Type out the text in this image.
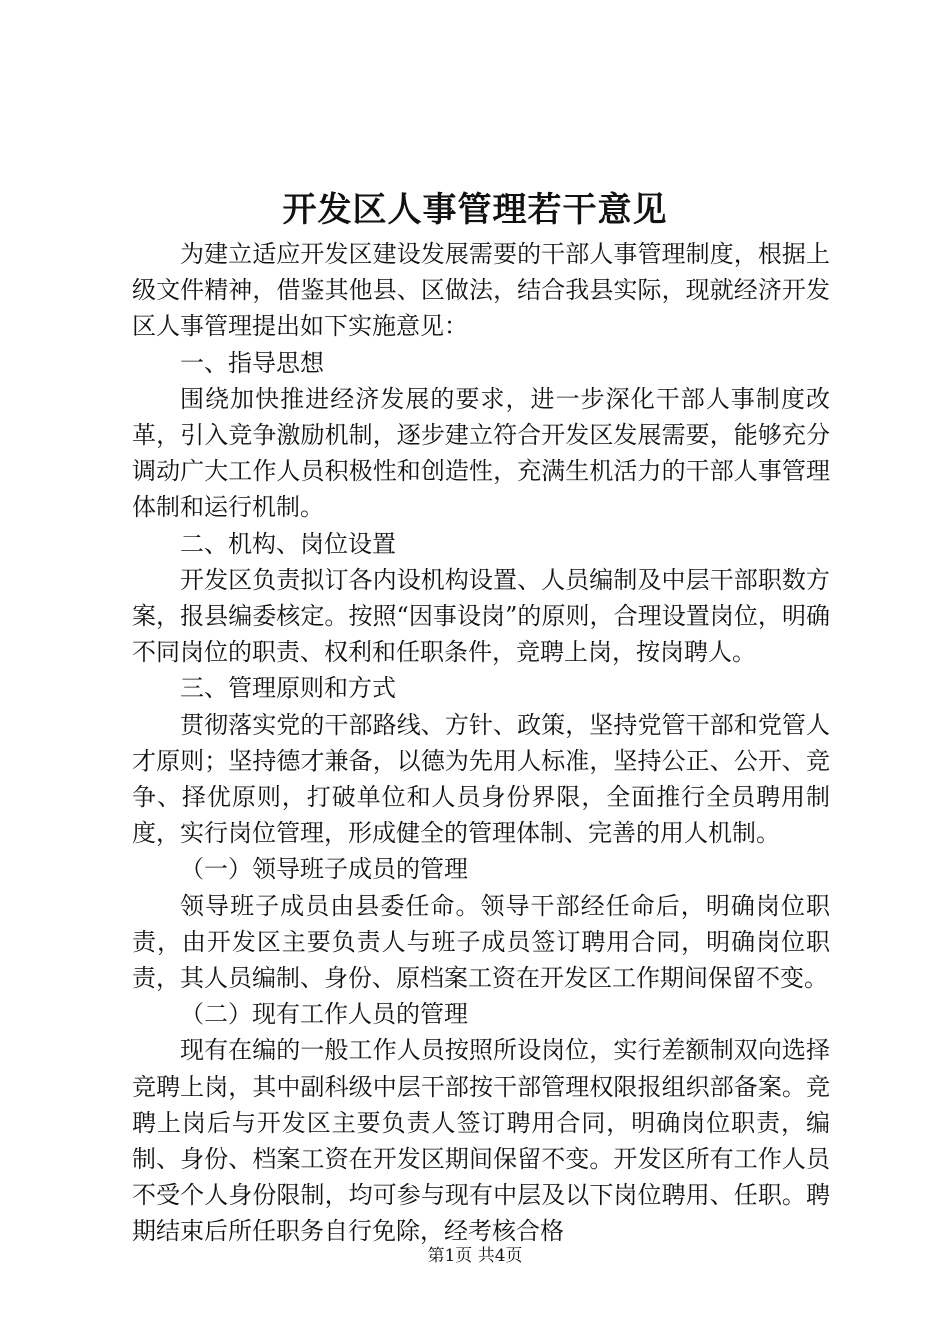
开发区人事管理若干意见

为建立适应开发区建设发展需要的干部人事管理制度，根据上级文件精神，借鉴其他县、区做法，结合我县实际，现就经济开发区人事管理提出如下实施意见：

一、指导思想

围绕加快推进经济发展的要求，进一步深化干部人事制度改革，引入竞争激励机制，逐步建立符合开发区发展需要，能够充分调动广大工作人员积极性和创造性，充满生机活力的干部人事管理体制和运行机制。

二、机构、岗位设置

开发区负责拟订各内设机构设置、人员编制及中层干部职数方案，报县编委核定。按照“因事设岗”的原则，合理设置岗位，明确不同岗位的职责、权利和任职条件，竞聘上岗，按岗聘人。

三、管理原则和方式

贯彻落实党的干部路线、方针、政策，坚持党管干部和党管人才原则；坚持德才兼备，以德为先用人标准，坚持公正、公开、竞争、择优原则，打破单位和人员身份界限，全面推行全员聘用制度，实行岗位管理，形成健全的管理体制、完善的用人机制。

（一）领导班子成员的管理

领导班子成员由县委任命。领导干部经任命后，明确岗位职责，由开发区主要负责人与班子成员签订聘用合同，明确岗位职责，其人员编制、身份、原档案工资在开发区工作期间保留不变。

（二）现有工作人员的管理

现有在编的一般工作人员按照所设岗位，实行差额制双向选择竞聘上岗，其中副科级中层干部按干部管理权限报组织部备案。竞聘上岗后与开发区主要负责人签订聘用合同，明确岗位职责，编制、身份、档案工资在开发区期间保留不变。开发区所有工作人员不受个人身份限制，均可参与现有中层及以下岗位聘用、任职。聘期结束后所任职务自行免除，经考核合格

第1页 共4页
